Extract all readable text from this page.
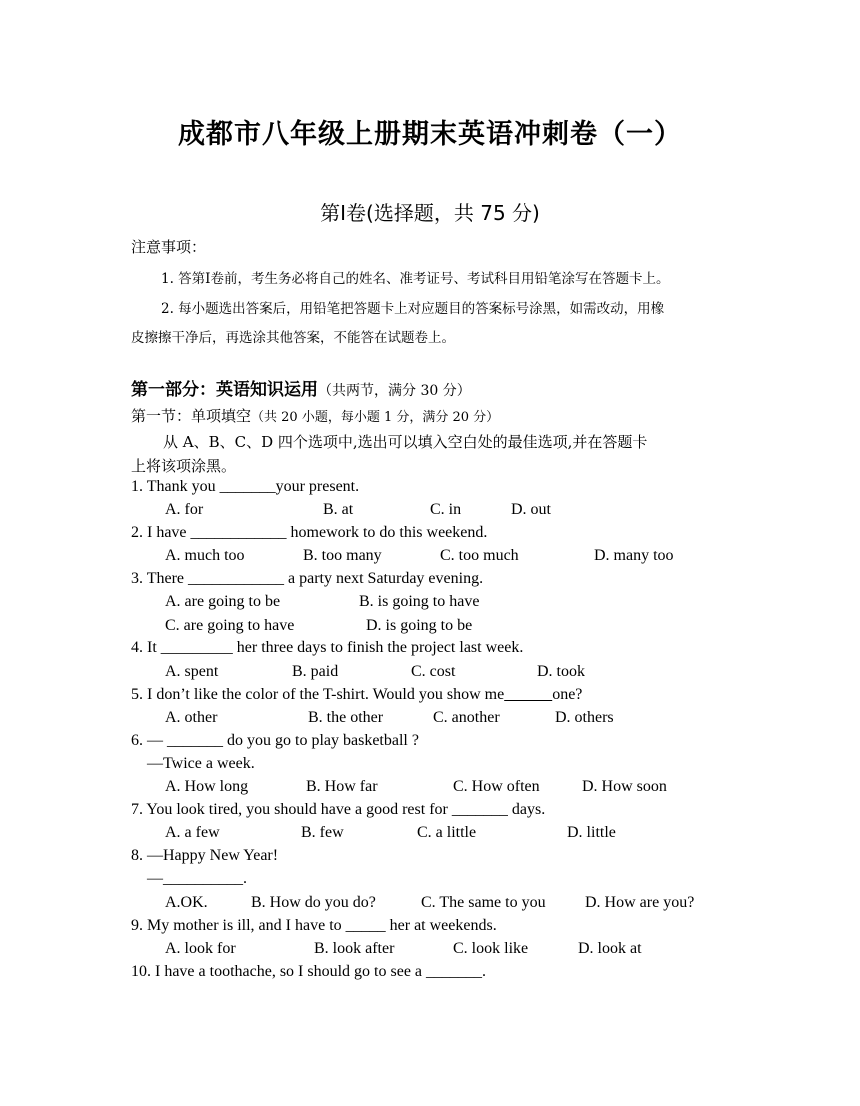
成都市八年级上册期末英语冲刺卷（一）
第Ⅰ卷(选择题，共 75 分)
注意事项：
1. 答第Ⅰ卷前，考生务必将自己的姓名、准考证号、考试科目用铅笔涂写在答题卡上。
2. 每小题选出答案后，用铅笔把答题卡上对应题目的答案标号涂黑，如需改动，用橡
皮擦擦干净后，再选涂其他答案，不能答在试题卷上。
第一部分：英语知识运用（共两节，满分 30 分）
第一节：单项填空（共 20 小题，每小题 1 分，满分 20 分）
从 A、B、C、D 四个选项中,选出可以填入空白处的最佳选项,并在答题卡
上将该项涂黑。
1. Thank you _______your present.
A. for	B. at	C. in	D. out
2. I have ____________ homework to do this weekend.
A. much too	B. too many	C. too much	D. many too
3. There ____________ a party next Saturday evening.
A. are going to be	B. is going to have
C. are going to have	D. is going to be
4. It _________ her three days to finish the project last week.
A. spent	B. paid	C. cost	D. took
5. I don’t like the color of the T-shirt. Would you show me	one?
A. other	B. the other	C. another	D. others
6. — _______ do you go to play basketball ?
—Twice a week.
A. How long	B. How far	C. How often	D. How soon
7. You look tired, you should have a good rest for _______ days.
A. a few	B. few	C. a little	D. little
8. —Happy New Year!
—__________.
A.OK.	B. How do you do?	C. The same to you D. How are you?
9. My mother is ill, and I have to _____ her at weekends.
A. look for	B. look after	C. look like	D. look at
10. I have a toothache, so I should go to see a _______.
